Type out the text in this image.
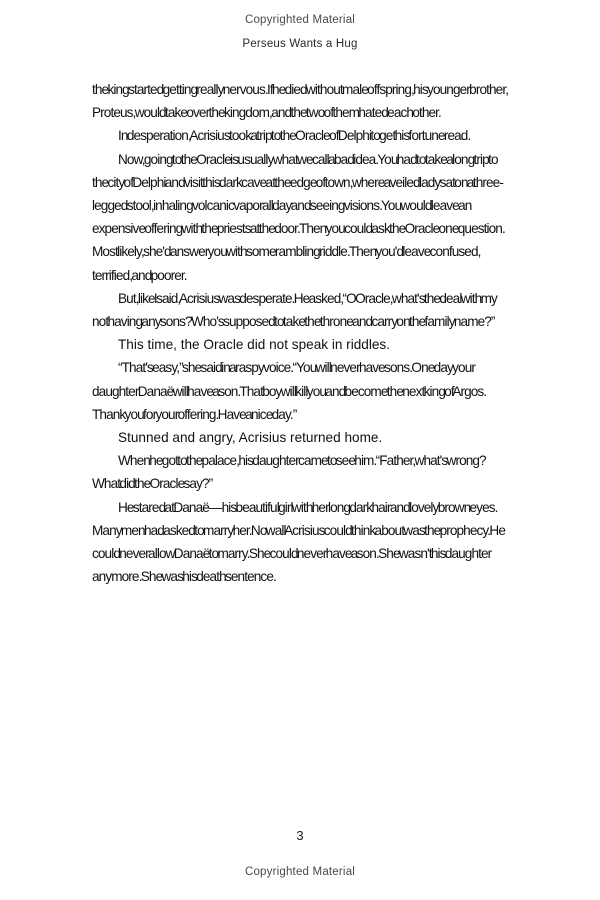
Copyrighted Material
Perseus Wants a Hug

the king started getting really nervous. If he died without male offspring, his younger brother, Proteus, would take over the kingdom, and the two of them hated each other.

In desperation, Acrisius took a trip to the Oracle of Delphi to get his fortune read.

Now, going to the Oracle is usually what we call a bad idea. You had to take a long trip to the city of Delphi and visit this dark cave at the edge of town, where a veiled lady sat on a three-legged stool, inhaling volcanic vapor all day and seeing visions. You would leave an expensive offering with the priests at the door. Then you could ask the Oracle one question. Most likely, she'd answer you with some rambling riddle. Then you'd leave confused, terrified, and poorer.

But, like I said, Acrisius was desperate. He asked, “O Oracle, what's the deal with my not having any sons? Who's supposed to take the throne and carry on the family name?”

This time, the Oracle did not speak in riddles.

“That's easy,” she said in a raspy voice. “You will never have sons. One day your daughter Danaë will have a son. That boy will kill you and become the next king of Argos. Thank you for your offering. Have a nice day.”

Stunned and angry, Acrisius returned home.

When he got to the palace, his daughter came to see him. “Father, what's wrong? What did the Oracle say?”

He stared at Danaë—his beautiful girl with her long dark hair and lovely brown eyes. Many men had asked to marry her. No wall Acrisius could think about was the prophecy. He could never allow Danaë to marry. She could never have a son. She wasn't his daughter anymore. She was his death sentence.

3
Copyrighted Material
